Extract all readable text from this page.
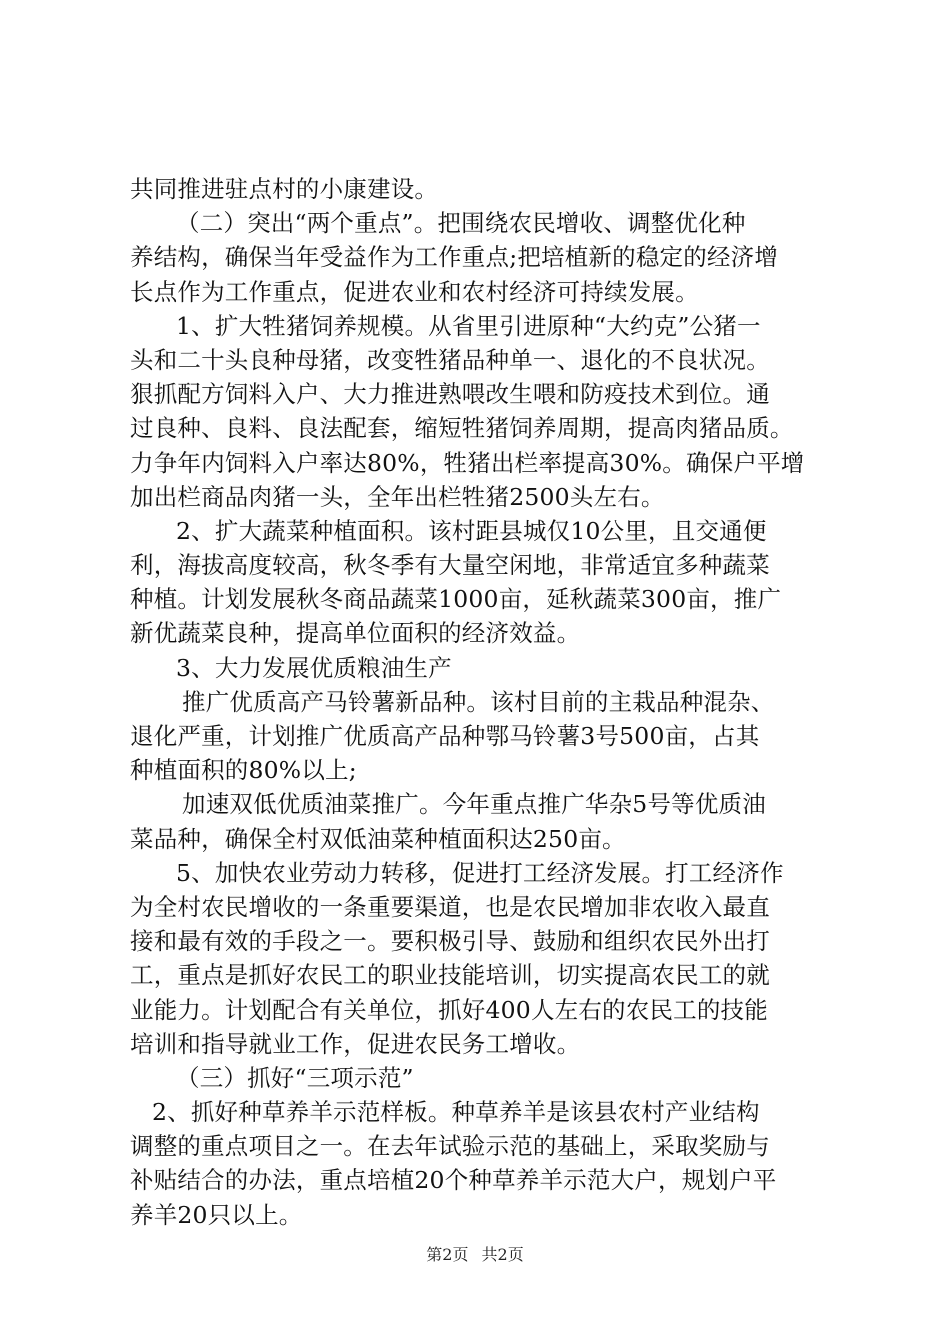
共同推进驻点村的小康建设。
（二）突出“两个重点”。把围绕农民增收、调整优化种
养结构，确保当年受益作为工作重点;把培植新的稳定的经济增
长点作为工作重点，促进农业和农村经济可持续发展。
1、扩大牲猪饲养规模。从省里引进原种“大约克”公猪一
头和二十头良种母猪，改变牲猪品种单一、退化的不良状况。
狠抓配方饲料入户、大力推进熟喂改生喂和防疫技术到位。通
过良种、良料、良法配套，缩短牲猪饲养周期，提高肉猪品质。
力争年内饲料入户率达80%，牲猪出栏率提高30%。确保户平增
加出栏商品肉猪一头，全年出栏牲猪2500头左右。
2、扩大蔬菜种植面积。该村距县城仅10公里，且交通便
利，海拔高度较高，秋冬季有大量空闲地，非常适宜多种蔬菜
种植。计划发展秋冬商品蔬菜1000亩，延秋蔬菜300亩，推广
新优蔬菜良种，提高单位面积的经济效益。
3、大力发展优质粮油生产
推广优质高产马铃薯新品种。该村目前的主栽品种混杂、
退化严重，计划推广优质高产品种鄂马铃薯3号500亩，占其
种植面积的80%以上;
加速双低优质油菜推广。今年重点推广华杂5号等优质油
菜品种，确保全村双低油菜种植面积达250亩。
5、加快农业劳动力转移，促进打工经济发展。打工经济作
为全村农民增收的一条重要渠道，也是农民增加非农收入最直
接和最有效的手段之一。要积极引导、鼓励和组织农民外出打
工，重点是抓好农民工的职业技能培训，切实提高农民工的就
业能力。计划配合有关单位，抓好400人左右的农民工的技能
培训和指导就业工作，促进农民务工增收。
（三）抓好“三项示范”
2、抓好种草养羊示范样板。种草养羊是该县农村产业结构
调整的重点项目之一。在去年试验示范的基础上，采取奖励与
补贴结合的办法，重点培植20个种草养羊示范大户，规划户平
养羊20只以上。
第2页 共2页
